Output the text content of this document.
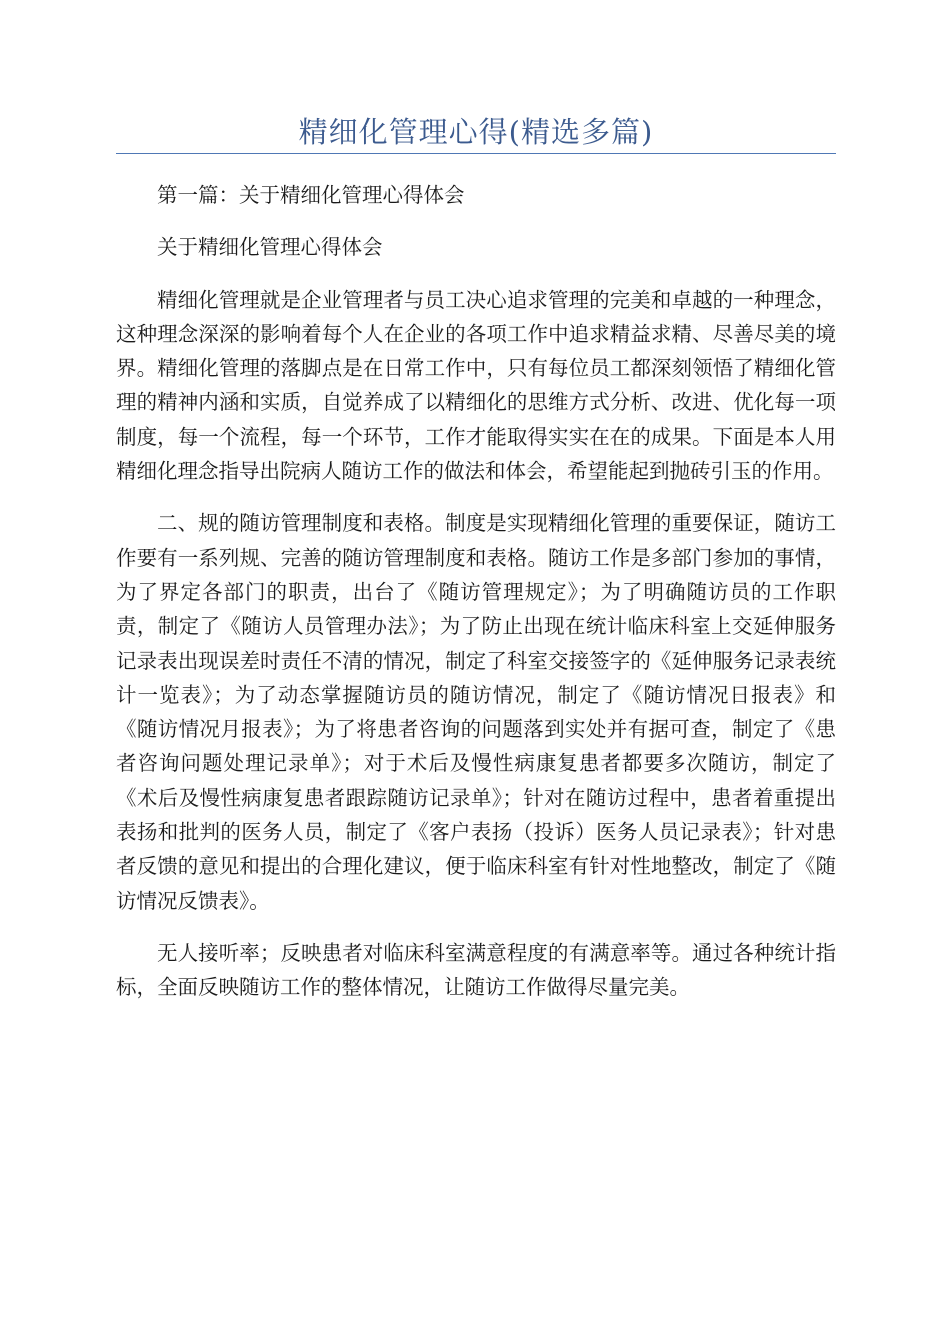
精细化管理心得(精选多篇)

第一篇：关于精细化管理心得体会

关于精细化管理心得体会

精细化管理就是企业管理者与员工决心追求管理的完美和卓越的一种理念，这种理念深深的影响着每个人在企业的各项工作中追求精益求精、尽善尽美的境界。精细化管理的落脚点是在日常工作中，只有每位员工都深刻领悟了精细化管理的精神内涵和实质，自觉养成了以精细化的思维方式分析、改进、优化每一项制度，每一个流程，每一个环节，工作才能取得实实在在的成果。下面是本人用精细化理念指导出院病人随访工作的做法和体会，希望能起到抛砖引玉的作用。

二、规的随访管理制度和表格。制度是实现精细化管理的重要保证，随访工作要有一系列规、完善的随访管理制度和表格。随访工作是多部门参加的事情，为了界定各部门的职责，出台了《随访管理规定》；为了明确随访员的工作职责，制定了《随访人员管理办法》；为了防止出现在统计临床科室上交延伸服务记录表出现误差时责任不清的情况，制定了科室交接签字的《延伸服务记录表统计一览表》；为了动态掌握随访员的随访情况，制定了《随访情况日报表》和《随访情况月报表》；为了将患者咨询的问题落到实处并有据可查，制定了《患者咨询问题处理记录单》；对于术后及慢性病康复患者都要多次随访，制定了《术后及慢性病康复患者跟踪随访记录单》；针对在随访过程中，患者着重提出表扬和批判的医务人员，制定了《客户表扬（投诉）医务人员记录表》；针对患者反馈的意见和提出的合理化建议，便于临床科室有针对性地整改，制定了《随访情况反馈表》。

无人接听率；反映患者对临床科室满意程度的有满意率等。通过各种统计指标，全面反映随访工作的整体情况，让随访工作做得尽量完美。
